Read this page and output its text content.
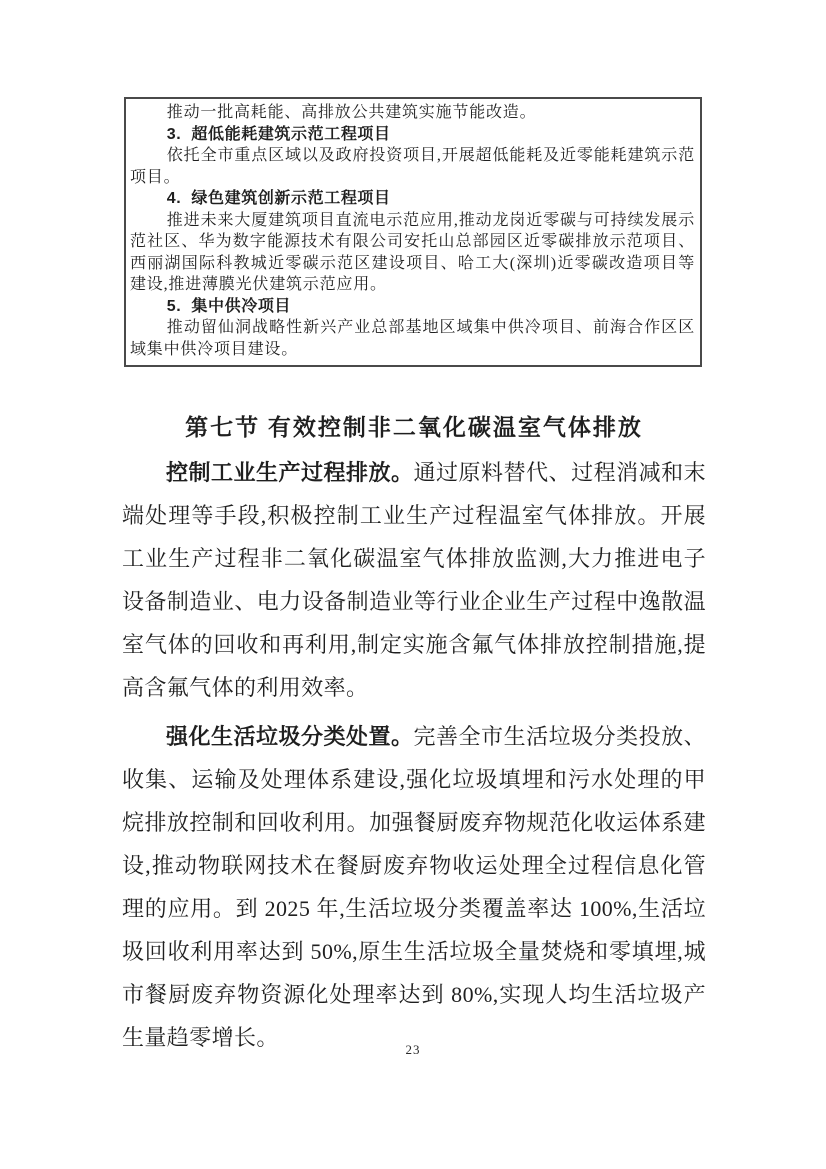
推动一批高耗能、高排放公共建筑实施节能改造。

3.  超低能耗建筑示范工程项目

依托全市重点区域以及政府投资项目,开展超低能耗及近零能耗建筑示范项目。

4.  绿色建筑创新示范工程项目

推进未来大厦建筑项目直流电示范应用,推动龙岗近零碳与可持续发展示范社区、华为数字能源技术有限公司安托山总部园区近零碳排放示范项目、西丽湖国际科教城近零碳示范区建设项目、哈工大(深圳)近零碳改造项目等建设,推进薄膜光伏建筑示范应用。

5.  集中供冷项目

推动留仙洞战略性新兴产业总部基地区域集中供冷项目、前海合作区区域集中供冷项目建设。

第七节 有效控制非二氧化碳温室气体排放

控制工业生产过程排放。通过原料替代、过程消减和末端处理等手段,积极控制工业生产过程温室气体排放。开展工业生产过程非二氧化碳温室气体排放监测,大力推进电子设备制造业、电力设备制造业等行业企业生产过程中逸散温室气体的回收和再利用,制定实施含氟气体排放控制措施,提高含氟气体的利用效率。

强化生活垃圾分类处置。完善全市生活垃圾分类投放、收集、运输及处理体系建设,强化垃圾填埋和污水处理的甲烷排放控制和回收利用。加强餐厨废弃物规范化收运体系建设,推动物联网技术在餐厨废弃物收运处理全过程信息化管理的应用。到 2025 年,生活垃圾分类覆盖率达 100%,生活垃圾回收利用率达到 50%,原生生活垃圾全量焚烧和零填埋,城市餐厨废弃物资源化处理率达到 80%,实现人均生活垃圾产生量趋零增长。	23
